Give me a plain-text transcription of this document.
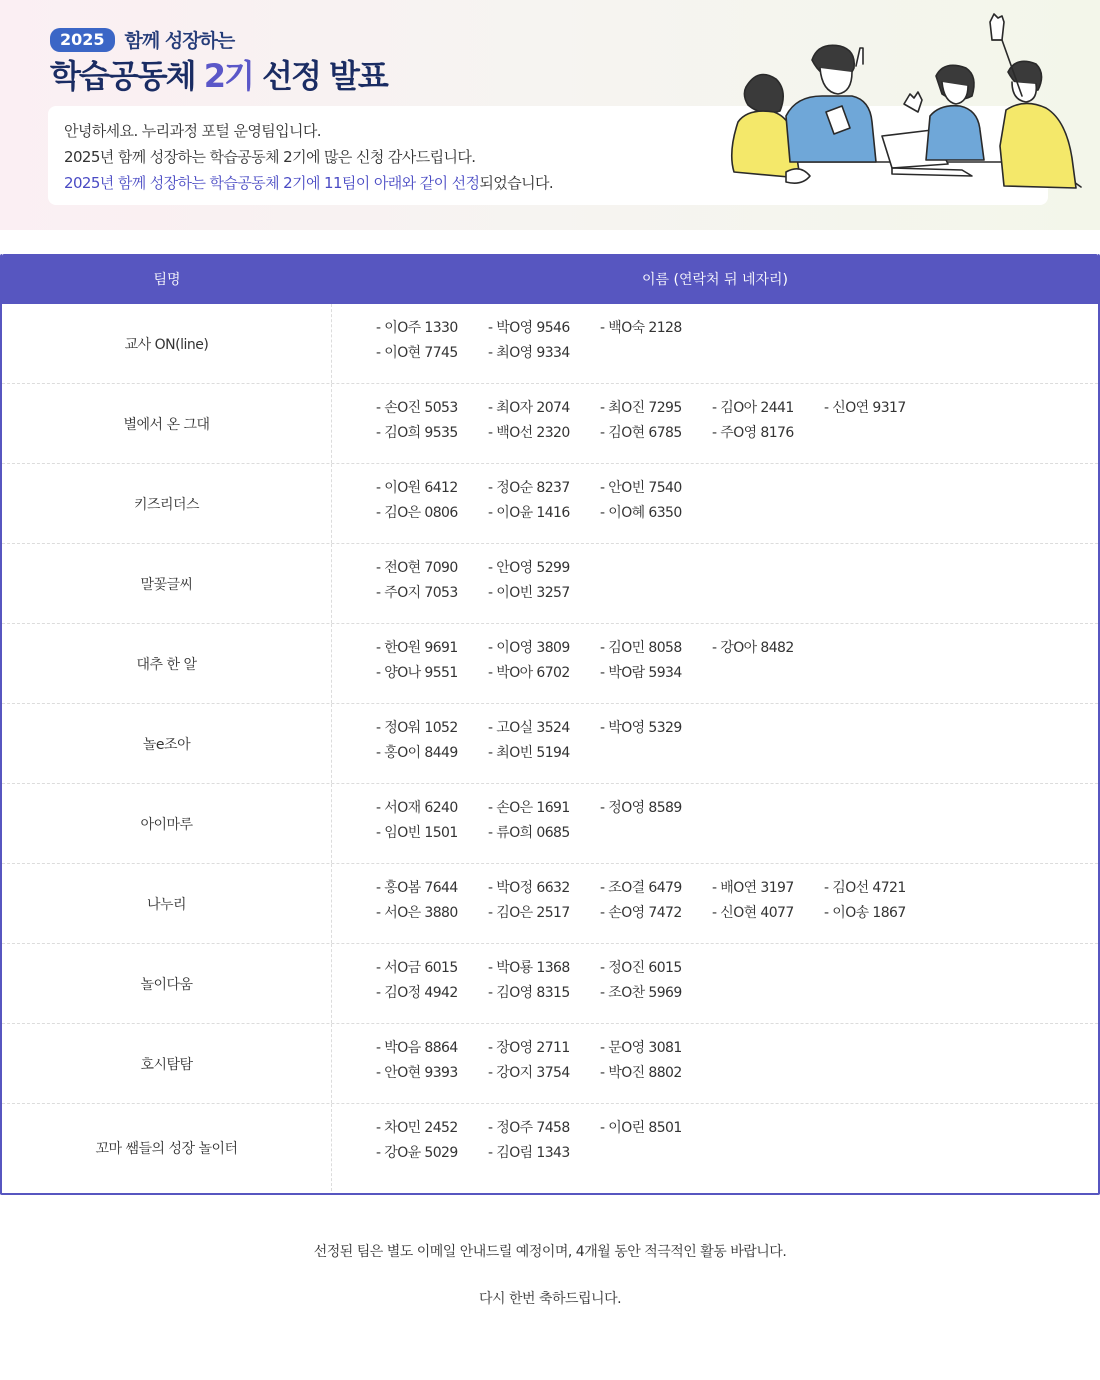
2025	함께 성장하는
학습공동체 2기 선정 발표
안녕하세요. 누리과정 포털 운영팀입니다.
2025년 함께 성장하는 학습공동체 2기에 많은 신청 감사드립니다.
2025년 함께 성장하는 학습공동체 2기에 11팀이 아래와 같이 선정되었습니다.
팀명	이름 (연락처 뒤 네자리)
교사 ON(line)
- 이O주 1330	- 박O영 9546	- 백O숙 2128
- 이O현 7745	- 최O영 9334
별에서 온 그대
- 손O진 5053	- 최O자 2074	- 최O진 7295	- 김O아 2441	- 신O연 9317
- 김O희 9535	- 백O선 2320	- 김O현 6785	- 주O영 8176
키즈리더스
- 이O원 6412	- 정O순 8237	- 안O빈 7540
- 김O은 0806	- 이O윤 1416	- 이O혜 6350
말꽃글씨
- 전O현 7090	- 안O영 5299
- 주O지 7053	- 이O빈 3257
대추 한 알
- 한O원 9691	- 이O영 3809	- 김O민 8058	- 강O아 8482
- 양O나 9551	- 박O아 6702	- 박O람 5934
놀e조아
- 정O워 1052	- 고O실 3524	- 박O영 5329
- 홍O이 8449	- 최O빈 5194
아이마루
- 서O재 6240	- 손O은 1691	- 정O영 8589
- 임O빈 1501	- 류O희 0685
나누리
- 홍O봄 7644	- 박O정 6632	- 조O결 6479	- 배O연 3197	- 김O선 4721
- 서O은 3880	- 김O은 2517	- 손O영 7472	- 신O현 4077	- 이O송 1867
놀이다움
- 서O금 6015	- 박O룡 1368	- 정O진 6015
- 김O정 4942	- 김O영 8315	- 조O찬 5969
호시탐탐
- 박O음 8864	- 장O영 2711	- 문O영 3081
- 안O현 9393	- 강O지 3754	- 박O진 8802
꼬마 쌤들의 성장 놀이터
- 차O민 2452	- 정O주 7458	- 이O린 8501
- 강O윤 5029	- 김O림 1343

선정된 팀은 별도 이메일 안내드릴 예정이며, 4개월 동안 적극적인 활동 바랍니다.

다시 한번 축하드립니다.
